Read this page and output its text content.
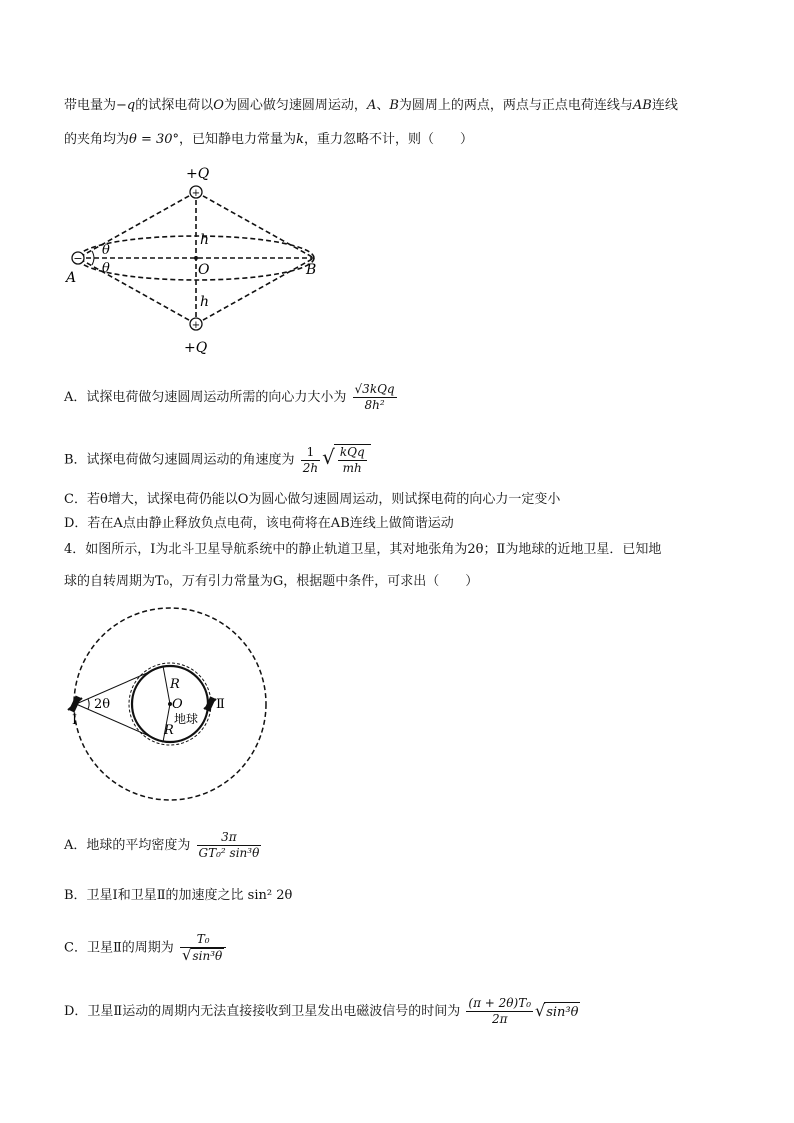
带电量为−q的试探电荷以O为圆心做匀速圆周运动，A、B为圆周上的两点，两点与正点电荷连线与AB连线
的夹角均为θ = 30°，已知静电力常量为k，重力忽略不计，则（　　）
+
+Q
+
+Q
−
θ
θ
h
h
O
A	B
A．试探电荷做匀速圆周运动所需的向心力大小为 $\frac{\text{√3kQq}}{\text{8h²}}$
B．试探电荷做匀速圆周运动的角速度为 $\frac{1}{2h}$ √ $\frac{\text{kQq}}{mh}$
C．若θ增大，试探电荷仍能以O为圆心做匀速圆周运动，则试探电荷的向心力一定变小
D．若在A点由静止释放负点电荷，该电荷将在AB连线上做简谐运动
4．如图所示，Ⅰ为北斗卫星导航系统中的静止轨道卫星，其对地张角为2θ；Ⅱ为地球的近地卫星．已知地
球的自转周期为T₀，万有引力常量为G，根据题中条件，可求出（　　）
2θ
Ⅰ
Ⅱ
R
R
O
地球
A．地球的平均密度为 $\frac{3\pi}{\text{GT₀² sin³θ}}$
B．卫星Ⅰ和卫星Ⅱ的加速度之比 sin² 2θ
C．卫星Ⅱ的周期为 $\frac{\text{T₀}}{\text{√sin³θ}}$
D．卫星Ⅱ运动的周期内无法直接接收到卫星发出电磁波信号的时间为 $\frac{\text{(π + 2θ)T₀}}{2\pi} √\sin^3\theta$
